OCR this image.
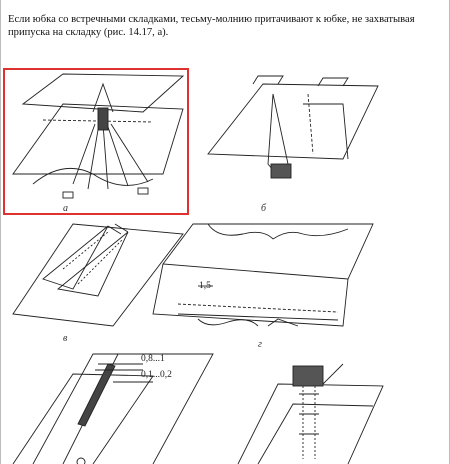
Если юбка со встречными складками, тесьму-молнию притачивают к юбке, не захватывая припуска на складку (рис. 14.17, а).

а	б
в
г
1,5
0,8...1
0,1...0,2
